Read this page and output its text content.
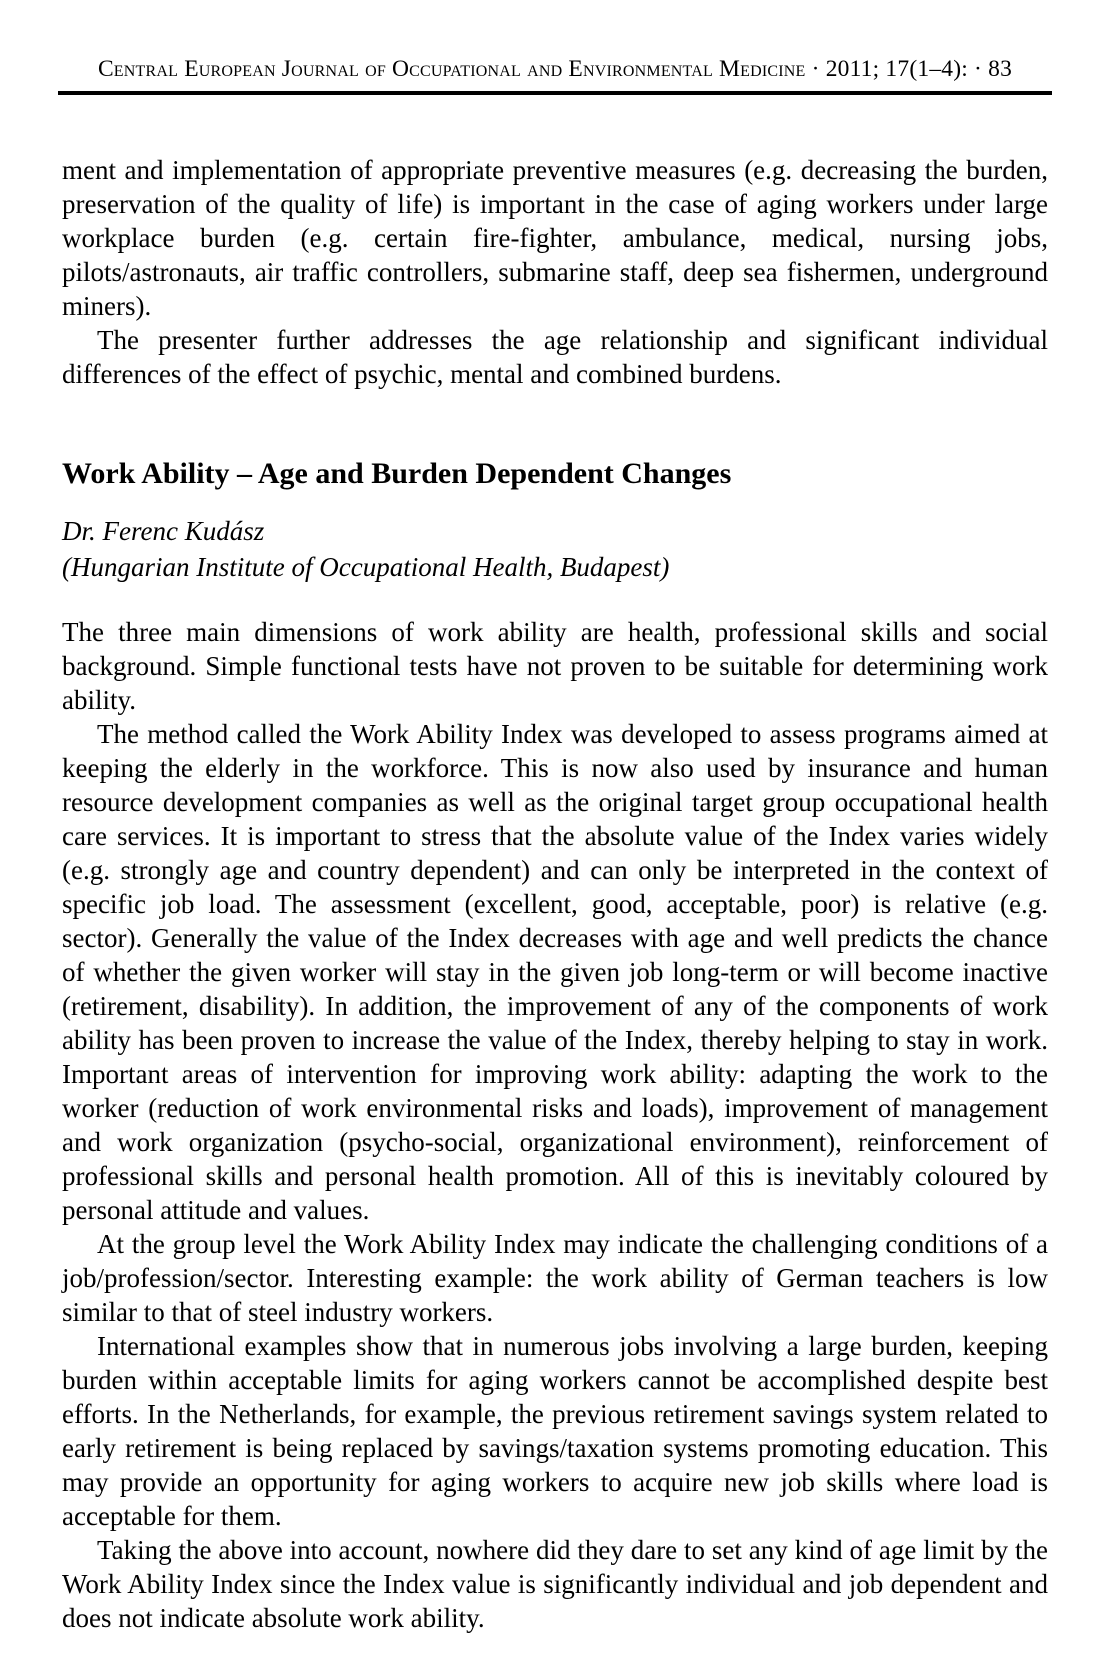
Central European Journal of Occupational and Environmental Medicine · 2011; 17(1–4): · 83

ment and implementation of appropriate preventive measures (e.g. decreasing the burden, preservation of the quality of life) is important in the case of aging workers under large workplace burden (e.g. certain fire-fighter, ambulance, medical, nursing jobs, pilots/astronauts, air traffic controllers, submarine staff, deep sea fishermen, underground miners).

The presenter further addresses the age relationship and significant individual differences of the effect of psychic, mental and combined burdens.

Work Ability – Age and Burden Dependent Changes

Dr. Ferenc Kudász

(Hungarian Institute of Occupational Health, Budapest)

The three main dimensions of work ability are health, professional skills and social background. Simple functional tests have not proven to be suitable for determining work ability.

The method called the Work Ability Index was developed to assess programs aimed at keeping the elderly in the workforce. This is now also used by insurance and human resource development companies as well as the original target group occupational health care services. It is important to stress that the absolute value of the Index varies widely (e.g. strongly age and country dependent) and can only be interpreted in the context of specific job load. The assessment (excellent, good, acceptable, poor) is relative (e.g. sector). Generally the value of the Index decreases with age and well predicts the chance of whether the given worker will stay in the given job long-term or will become inactive (retirement, disability). In addition, the improvement of any of the components of work ability has been proven to increase the value of the Index, thereby helping to stay in work. Important areas of intervention for improving work ability: adapting the work to the worker (reduction of work environmental risks and loads), improvement of management and work organization (psycho-social, organizational environment), reinforcement of professional skills and personal health promotion. All of this is inevitably coloured by personal attitude and values.

At the group level the Work Ability Index may indicate the challenging conditions of a job/profession/sector. Interesting example: the work ability of German teachers is low similar to that of steel industry workers.

International examples show that in numerous jobs involving a large burden, keeping burden within acceptable limits for aging workers cannot be accomplished despite best efforts. In the Netherlands, for example, the previous retirement savings system related to early retirement is being replaced by savings/taxation systems promoting education. This may provide an opportunity for aging workers to acquire new job skills where load is acceptable for them.

Taking the above into account, nowhere did they dare to set any kind of age limit by the Work Ability Index since the Index value is significantly individual and job dependent and does not indicate absolute work ability.
